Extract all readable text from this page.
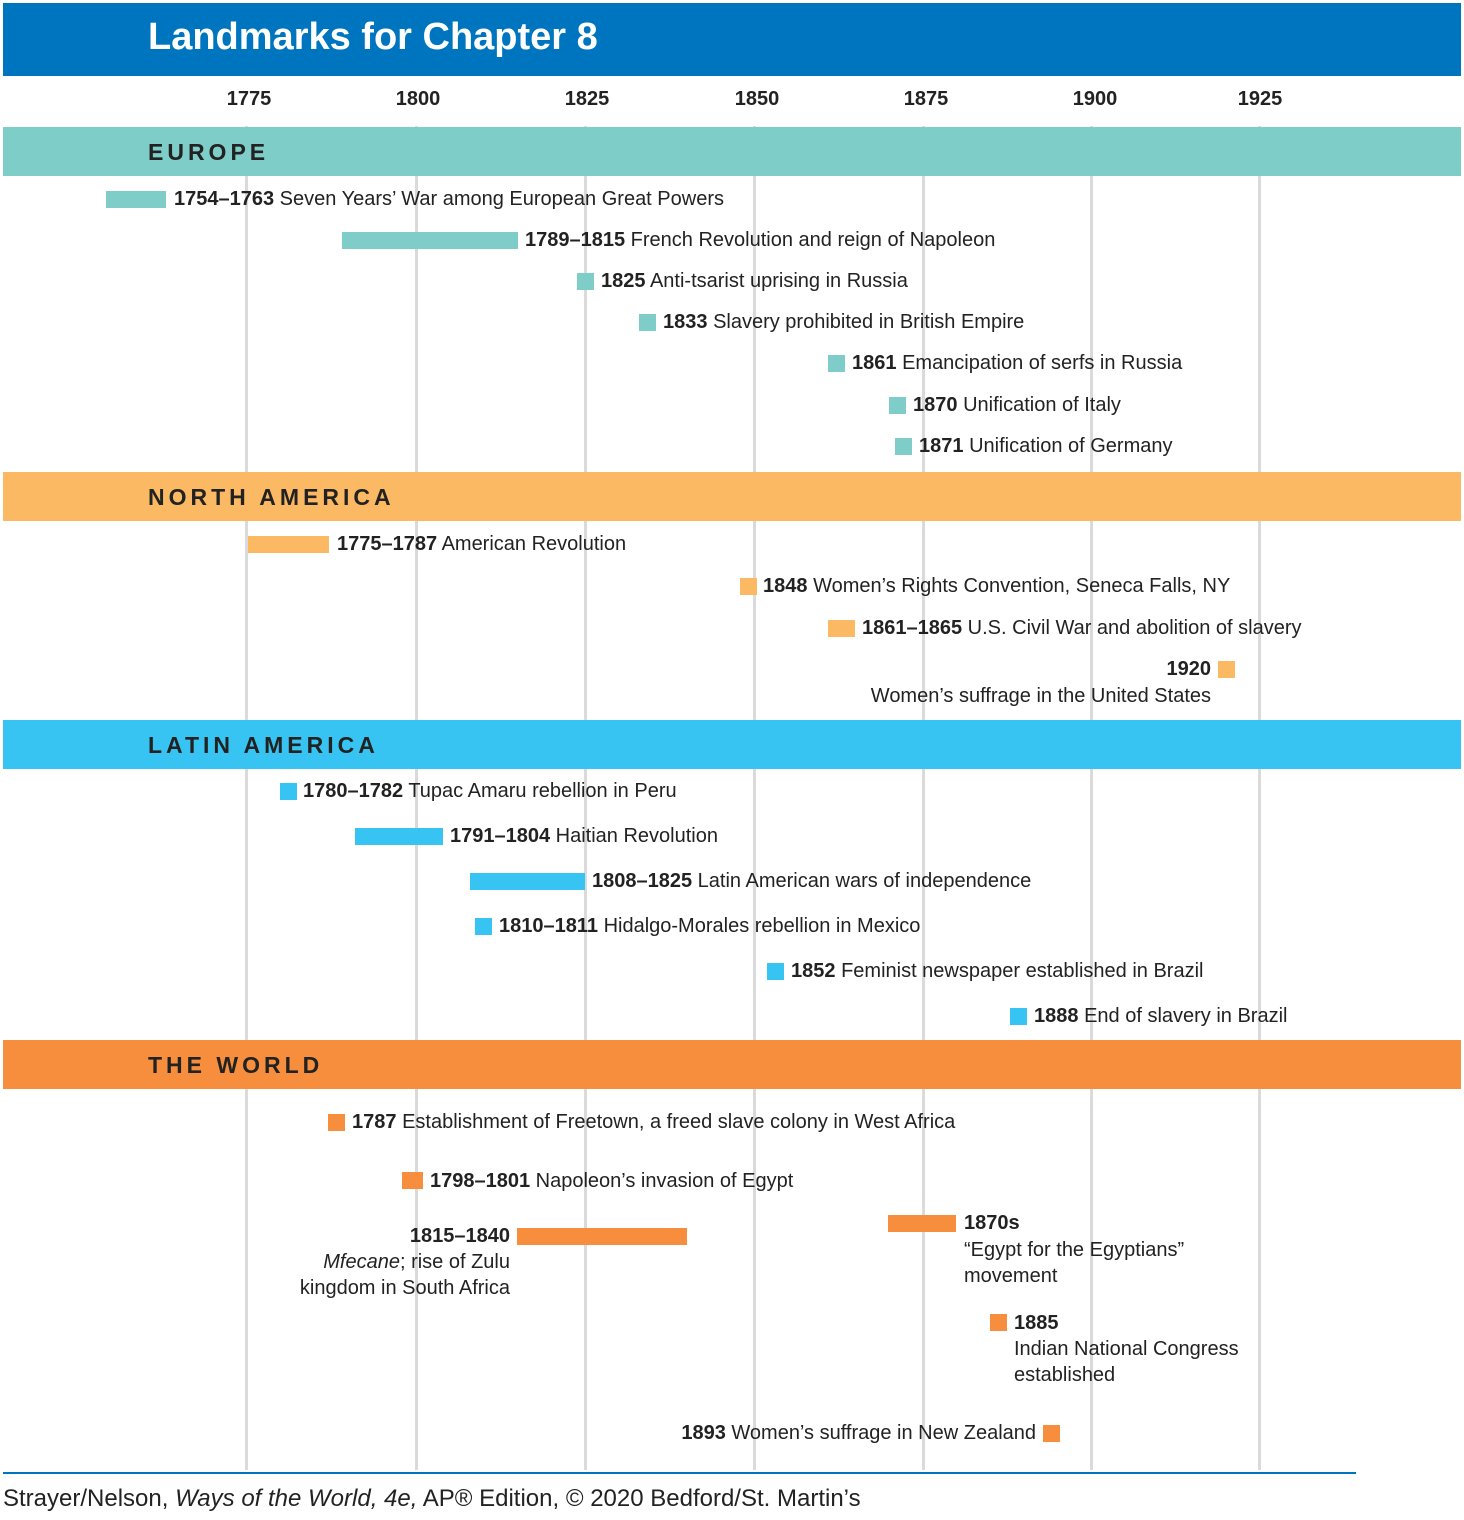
Landmarks for Chapter 8
1775	1800	1825	1850	1875	1900	1925
EUROPE
1754–1763 Seven Years’ War among European Great Powers
1789–1815 French Revolution and reign of Napoleon
1825 Anti-tsarist uprising in Russia
1833 Slavery prohibited in British Empire
1861 Emancipation of serfs in Russia
1870 Unification of Italy
1871 Unification of Germany
NORTH AMERICA
1775–1787 American Revolution
1848 Women’s Rights Convention, Seneca Falls, NY
1861–1865 U.S. Civil War and abolition of slavery
1920
Women’s suffrage in the United States
LATIN AMERICA
1780–1782 Tupac Amaru rebellion in Peru
1791–1804 Haitian Revolution
1808–1825 Latin American wars of independence
1810–1811 Hidalgo-Morales rebellion in Mexico
1852 Feminist newspaper established in Brazil
1888 End of slavery in Brazil
THE WORLD
1787 Establishment of Freetown, a freed slave colony in West Africa
1798–1801 Napoleon’s invasion of Egypt
1815–1840
Mfecane; rise of Zulu
kingdom in South Africa
1870s
“Egypt for the Egyptians”
movement
1885
Indian National Congress
established
1893 Women’s suffrage in New Zealand
Strayer/Nelson, Ways of the World, 4e, AP® Edition, © 2020 Bedford/St. Martin’s
